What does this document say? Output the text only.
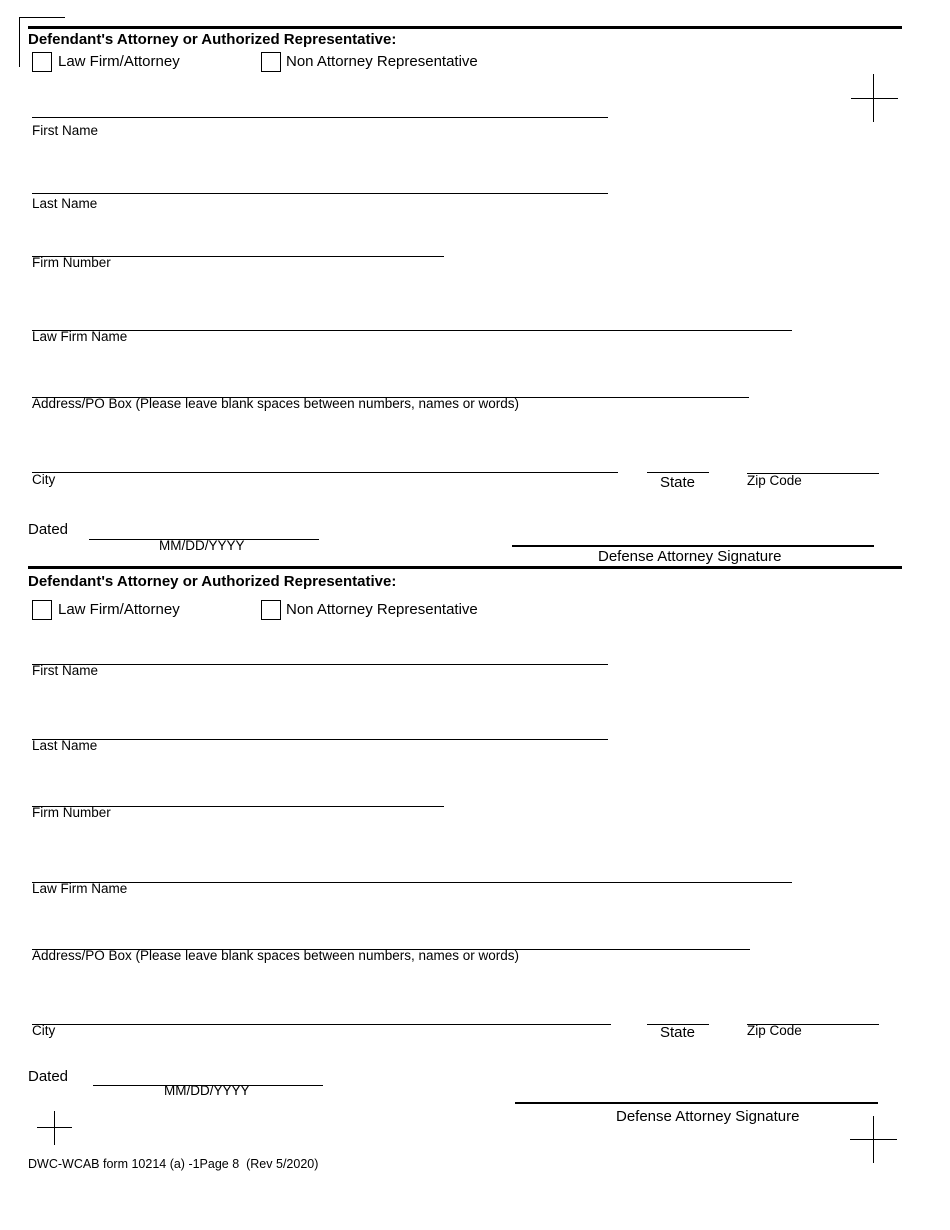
Defendant's Attorney or Authorized Representative:
Law Firm/Attorney	Non Attorney Representative
First Name
Last Name
Firm Number
Law Firm Name
Address/PO Box (Please leave blank spaces between numbers, names or words)
City	State	Zip Code
Dated
MM/DD/YYYY
Defense Attorney Signature
Defendant's Attorney or Authorized Representative:
Law Firm/Attorney	Non Attorney Representative
First Name
Last Name
Firm Number
Law Firm Name
Address/PO Box (Please leave blank spaces between numbers, names or words)
City	State	Zip Code
Dated
MM/DD/YYYY
Defense Attorney Signature
DWC-WCAB form 10214 (a) -1Page 8  (Rev 5/2020)
